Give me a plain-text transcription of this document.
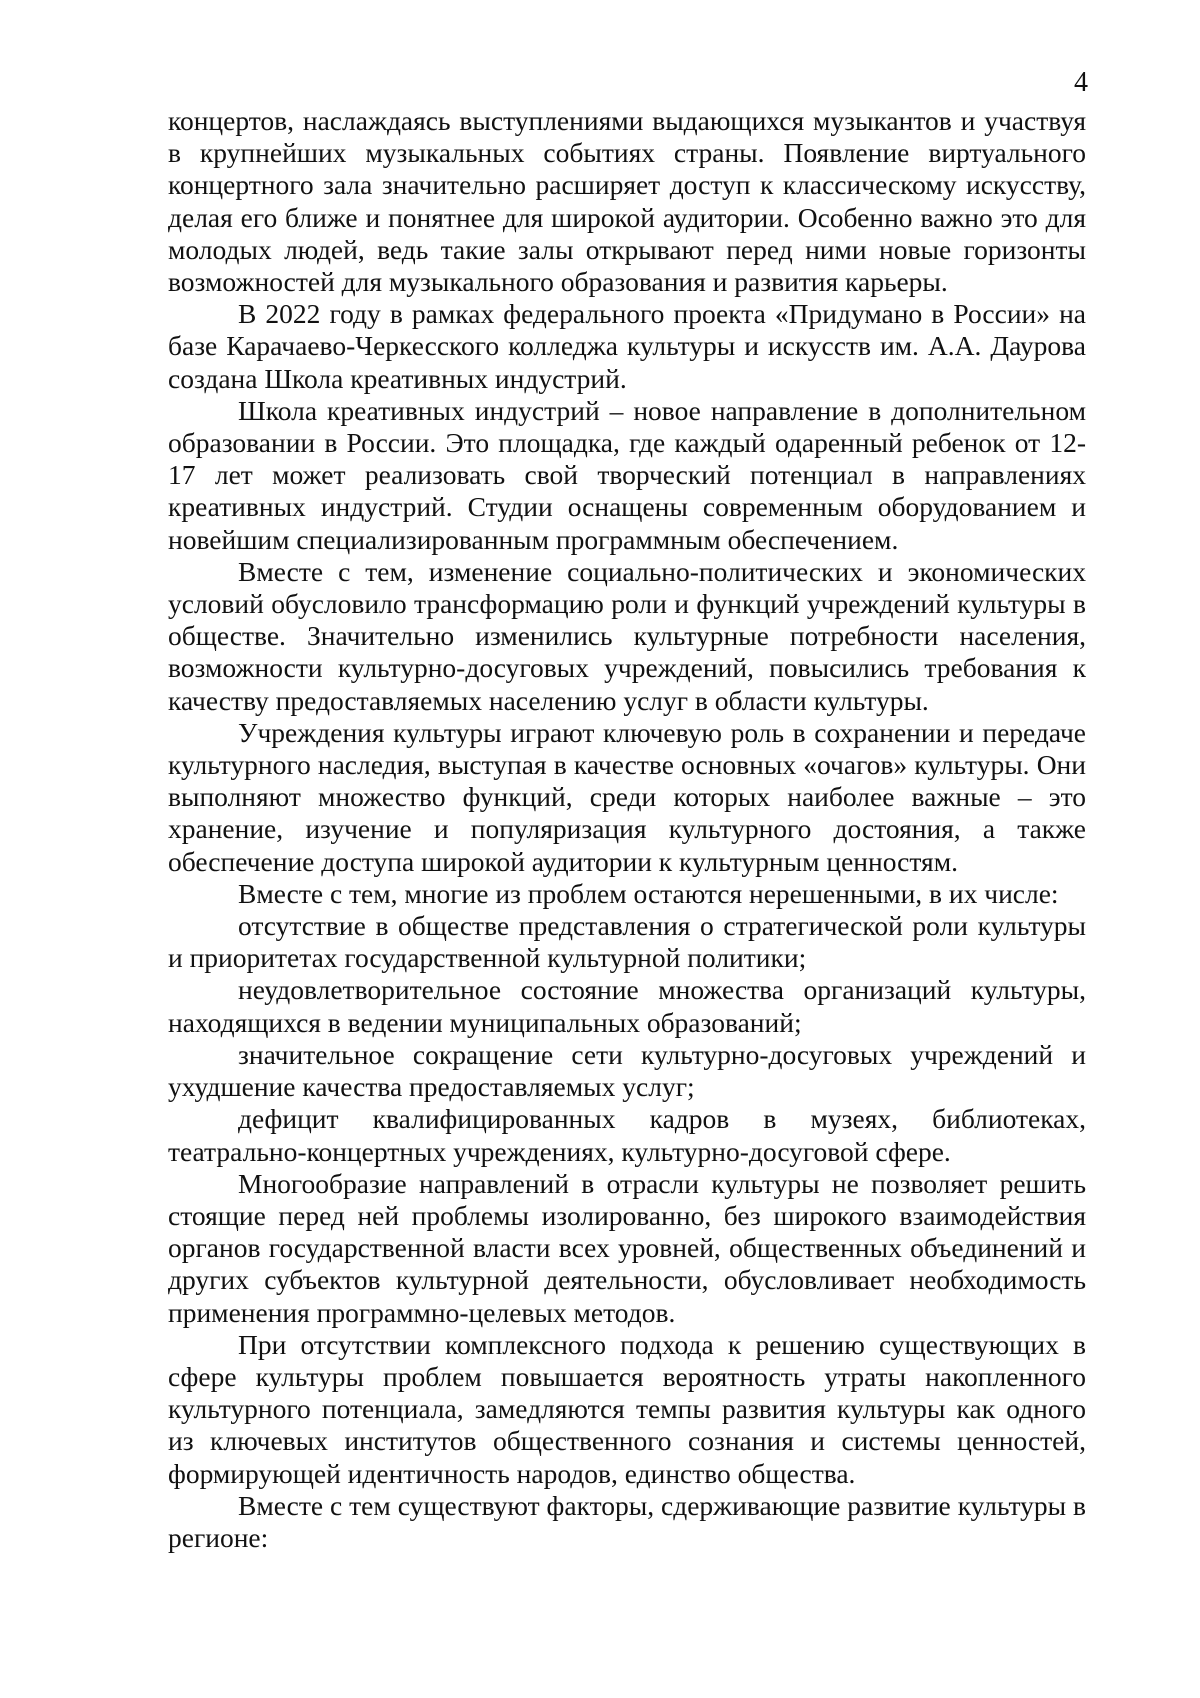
4

концертов, наслаждаясь выступлениями выдающихся музыкантов и участвуя в крупнейших музыкальных событиях страны. Появление виртуального концертного зала значительно расширяет доступ к классическому искусству, делая его ближе и понятнее для широкой аудитории. Особенно важно это для молодых людей, ведь такие залы открывают перед ними новые горизонты возможностей для музыкального образования и развития карьеры.

В 2022 году в рамках федерального проекта «Придумано в России» на базе Карачаево-Черкесского колледжа культуры и искусств им. А.А. Даурова создана Школа креативных индустрий.

Школа креативных индустрий – новое направление в дополнительном образовании в России. Это площадка, где каждый одаренный ребенок от 12-17 лет может реализовать свой творческий потенциал в направлениях креативных индустрий. Студии оснащены современным оборудованием и новейшим специализированным программным обеспечением.

Вместе с тем, изменение социально-политических и экономических условий обусловило трансформацию роли и функций учреждений культуры в обществе. Значительно изменились культурные потребности населения, возможности культурно-досуговых учреждений, повысились требования к качеству предоставляемых населению услуг в области культуры.

Учреждения культуры играют ключевую роль в сохранении и передаче культурного наследия, выступая в качестве основных «очагов» культуры. Они выполняют множество функций, среди которых наиболее важные – это хранение, изучение и популяризация культурного достояния, а также обеспечение доступа широкой аудитории к культурным ценностям.

Вместе с тем, многие из проблем остаются нерешенными, в их числе:

отсутствие в обществе представления о стратегической роли культуры и приоритетах государственной культурной политики;

неудовлетворительное состояние множества организаций культуры, находящихся в ведении муниципальных образований;

значительное сокращение сети культурно-досуговых учреждений и ухудшение качества предоставляемых услуг;

дефицит квалифицированных кадров в музеях, библиотеках, театрально-концертных учреждениях, культурно-досуговой сфере.

Многообразие направлений в отрасли культуры не позволяет решить стоящие перед ней проблемы изолированно, без широкого взаимодействия органов государственной власти всех уровней, общественных объединений и других субъектов культурной деятельности, обусловливает необходимость применения программно-целевых методов.

При отсутствии комплексного подхода к решению существующих в сфере культуры проблем повышается вероятность утраты накопленного культурного потенциала, замедляются темпы развития культуры как одного из ключевых институтов общественного сознания и системы ценностей, формирующей идентичность народов, единство общества.

Вместе с тем существуют факторы, сдерживающие развитие культуры в регионе:
